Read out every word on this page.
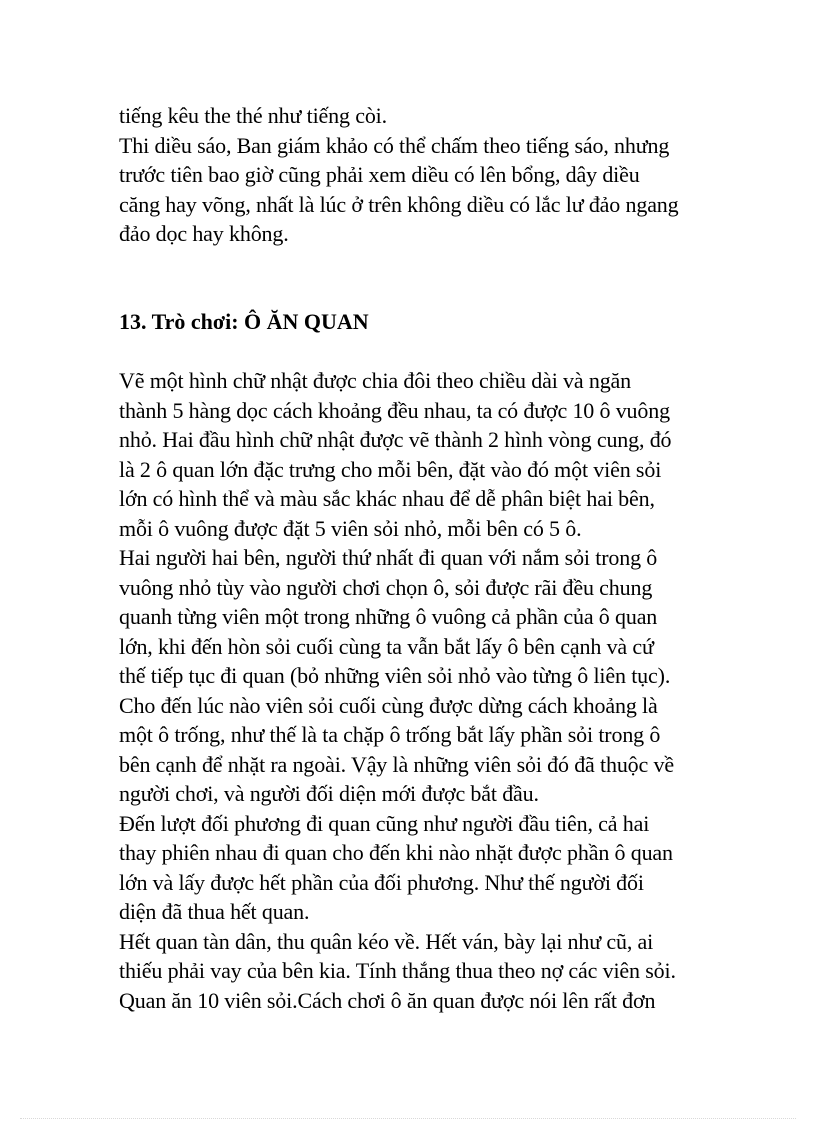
tiếng kêu the thé như tiếng còi.
Thi diều sáo, Ban giám khảo có thể chấm theo tiếng sáo, nhưng
trước tiên bao giờ cũng phải xem diều có lên bổng, dây diều
căng hay võng, nhất là lúc ở trên không diều có lắc lư đảo ngang
đảo dọc hay không.
13. Trò chơi: Ô ĂN QUAN
Vẽ một hình chữ nhật được chia đôi theo chiều dài và ngăn
thành 5 hàng dọc cách khoảng đều nhau, ta có được 10 ô vuông
nhỏ. Hai đầu hình chữ nhật được vẽ thành 2 hình vòng cung, đó
là 2 ô quan lớn đặc trưng cho mỗi bên, đặt vào đó một viên sỏi
lớn có hình thể và màu sắc khác nhau để dễ phân biệt hai bên,
mỗi ô vuông được đặt 5 viên sỏi nhỏ, mỗi bên có 5 ô.
Hai người hai bên, người thứ nhất đi quan với nắm sỏi trong ô
vuông nhỏ tùy vào người chơi chọn ô, sỏi được rãi đều chung
quanh từng viên một trong những ô vuông cả phần của ô quan
lớn, khi đến hòn sỏi cuối cùng ta vẫn bắt lấy ô bên cạnh và cứ
thế tiếp tục đi quan (bỏ những viên sỏi nhỏ vào từng ô liên tục).
Cho đến lúc nào viên sỏi cuối cùng được dừng cách khoảng là
một ô trống, như thế là ta chặp ô trống bắt lấy phần sỏi trong ô
bên cạnh để nhặt ra ngoài. Vậy là những viên sỏi đó đã thuộc về
người chơi, và người đối diện mới được bắt đầu.
Đến lượt đối phương đi quan cũng như người đầu tiên, cả hai
thay phiên nhau đi quan cho đến khi nào nhặt được phần ô quan
lớn và lấy được hết phần của đối phương. Như thế người đối
diện đã thua hết quan.
Hết quan tàn dân, thu quân kéo về. Hết ván, bày lại như cũ, ai
thiếu phải vay của bên kia. Tính thắng thua theo nợ các viên sỏi.
Quan ăn 10 viên sỏi.Cách chơi ô ăn quan được nói lên rất đơn
